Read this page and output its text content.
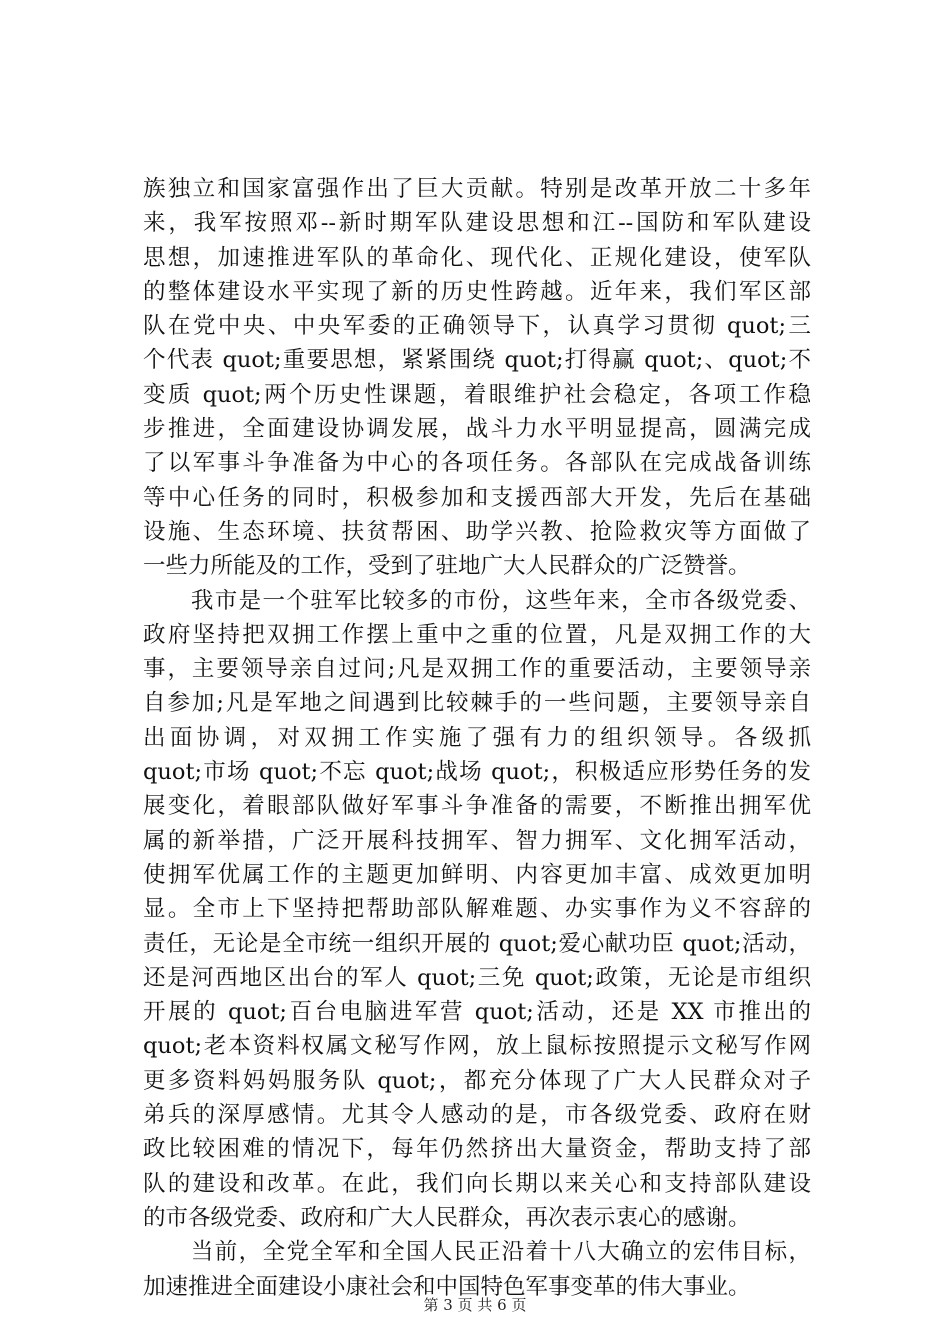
族独立和国家富强作出了巨大贡献。特别是改革开放二十多年
来，我军按照邓--新时期军队建设思想和江--国防和军队建设
思想，加速推进军队的革命化、现代化、正规化建设，使军队
的整体建设水平实现了新的历史性跨越。近年来，我们军区部
队在党中央、中央军委的正确领导下，认真学习贯彻 quot;三
个代表 quot;重要思想，紧紧围绕 quot;打得赢 quot;、quot;不
变质 quot;两个历史性课题，着眼维护社会稳定，各项工作稳
步推进，全面建设协调发展，战斗力水平明显提高，圆满完成
了以军事斗争准备为中心的各项任务。各部队在完成战备训练
等中心任务的同时，积极参加和支援西部大开发，先后在基础
设施、生态环境、扶贫帮困、助学兴教、抢险救灾等方面做了
一些力所能及的工作，受到了驻地广大人民群众的广泛赞誉。
　　我市是一个驻军比较多的市份，这些年来，全市各级党委、
政府坚持把双拥工作摆上重中之重的位置，凡是双拥工作的大
事，主要领导亲自过问;凡是双拥工作的重要活动，主要领导亲
自参加;凡是军地之间遇到比较棘手的一些问题，主要领导亲自
出面协调，对双拥工作实施了强有力的组织领导。各级抓
quot;市场 quot;不忘 quot;战场 quot;，积极适应形势任务的发
展变化，着眼部队做好军事斗争准备的需要，不断推出拥军优
属的新举措，广泛开展科技拥军、智力拥军、文化拥军活动，
使拥军优属工作的主题更加鲜明、内容更加丰富、成效更加明
显。全市上下坚持把帮助部队解难题、办实事作为义不容辞的
责任，无论是全市统一组织开展的 quot;爱心献功臣 quot;活动，
还是河西地区出台的军人 quot;三免 quot;政策，无论是市组织
开展的 quot;百台电脑进军营 quot;活动，还是 XX 市推出的
quot;老本资料权属文秘写作网，放上鼠标按照提示文秘写作网
更多资料妈妈服务队 quot;，都充分体现了广大人民群众对子
弟兵的深厚感情。尤其令人感动的是，市各级党委、政府在财
政比较困难的情况下，每年仍然挤出大量资金，帮助支持了部
队的建设和改革。在此，我们向长期以来关心和支持部队建设
的市各级党委、政府和广大人民群众，再次表示衷心的感谢。
　　当前，全党全军和全国人民正沿着十八大确立的宏伟目标，
加速推进全面建设小康社会和中国特色军事变革的伟大事业。
第 3 页 共 6 页
